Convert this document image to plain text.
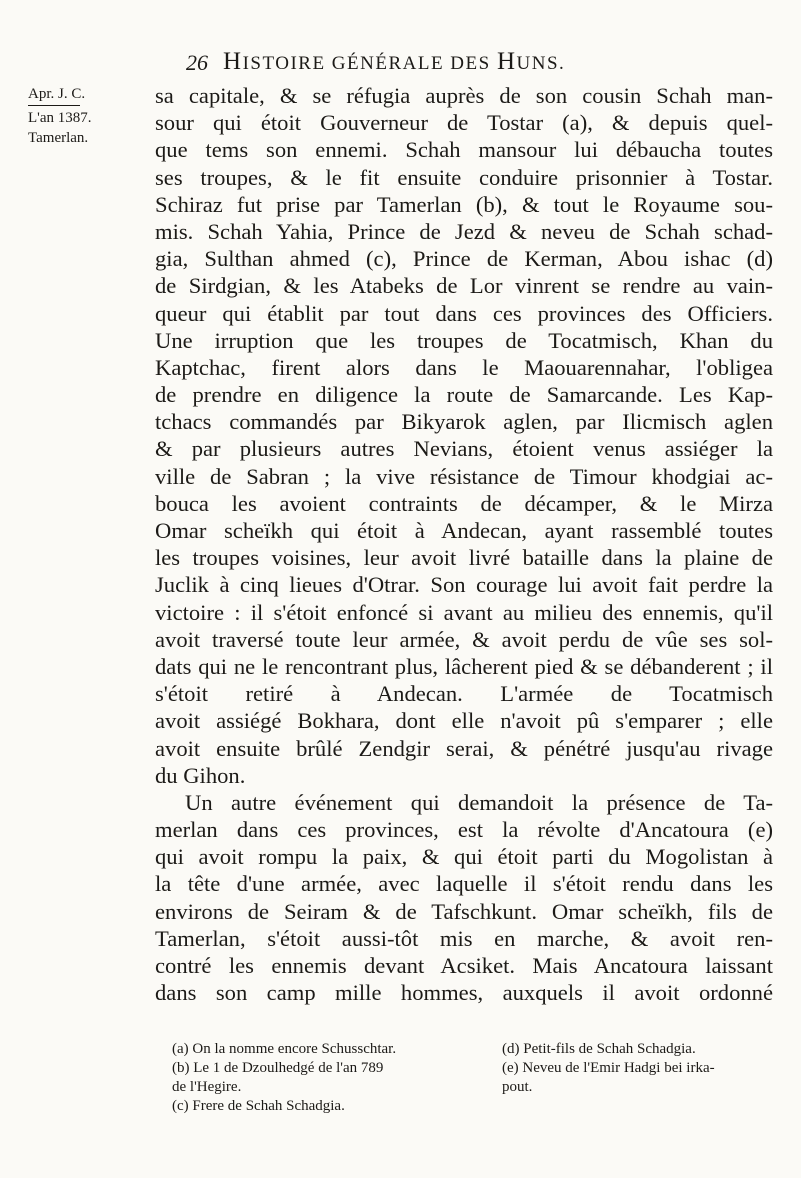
26 HISTOIRE GÉNÉRALE DES HUNS.
Apr. J. C.
L'an 1387.
Tamerlan.
sa capitale, & se réfugia auprès de son cousin Schah man-
sour qui étoit Gouverneur de Tostar (a), & depuis quel-
que tems son ennemi. Schah mansour lui débaucha toutes
ses troupes, & le fit ensuite conduire prisonnier à Tostar.
Schiraz fut prise par Tamerlan (b), & tout le Royaume sou-
mis. Schah Yahia, Prince de Jezd & neveu de Schah schad-
gia, Sulthan ahmed (c), Prince de Kerman, Abou ishac (d)
de Sirdgian, & les Atabeks de Lor vinrent se rendre au vain-
queur qui établit par tout dans ces provinces des Officiers.
Une irruption que les troupes de Tocatmisch, Khan du
Kaptchac, firent alors dans le Maouarennahar, l'obligea
de prendre en diligence la route de Samarcande. Les Kap-
tchacs commandés par Bikyarok aglen, par Ilicmisch aglen
& par plusieurs autres Nevians, étoient venus assiéger la
ville de Sabran ; la vive résistance de Timour khodgiai ac-
bouca les avoient contraints de décamper, & le Mirza
Omar scheïkh qui étoit à Andecan, ayant rassemblé toutes
les troupes voisines, leur avoit livré bataille dans la plaine de
Juclik à cinq lieues d'Otrar. Son courage lui avoit fait perdre la
victoire : il s'étoit enfoncé si avant au milieu des ennemis, qu'il
avoit traversé toute leur armée, & avoit perdu de vûe ses sol-
dats qui ne le rencontrant plus, lâcherent pied & se débanderent ; il s'étoit retiré à Andecan. L'armée de Tocatmisch
avoit assiégé Bokhara, dont elle n'avoit pû s'emparer ; elle
avoit ensuite brûlé Zendgir serai, & pénétré jusqu'au rivage
du Gihon.
Un autre événement qui demandoit la présence de Ta-
merlan dans ces provinces, est la révolte d'Ancatoura (e)
qui avoit rompu la paix, & qui étoit parti du Mogolistan à
la tête d'une armée, avec laquelle il s'étoit rendu dans les
environs de Seiram & de Tafschkunt. Omar scheïkh, fils de
Tamerlan, s'étoit aussi-tôt mis en marche, & avoit ren-
contré les ennemis devant Acsiket. Mais Ancatoura laissant
dans son camp mille hommes, auxquels il avoit ordonné
(a) On la nomme encore Schusschtar.
(b) Le 1 de Dzoulhedgé de l'an 789
de l'Hegire.
(c) Frere de Schah Schadgia.
(d) Petit-fils de Schah Schadgia.
(e) Neveu de l'Emir Hadgi bei irka-
pout.
